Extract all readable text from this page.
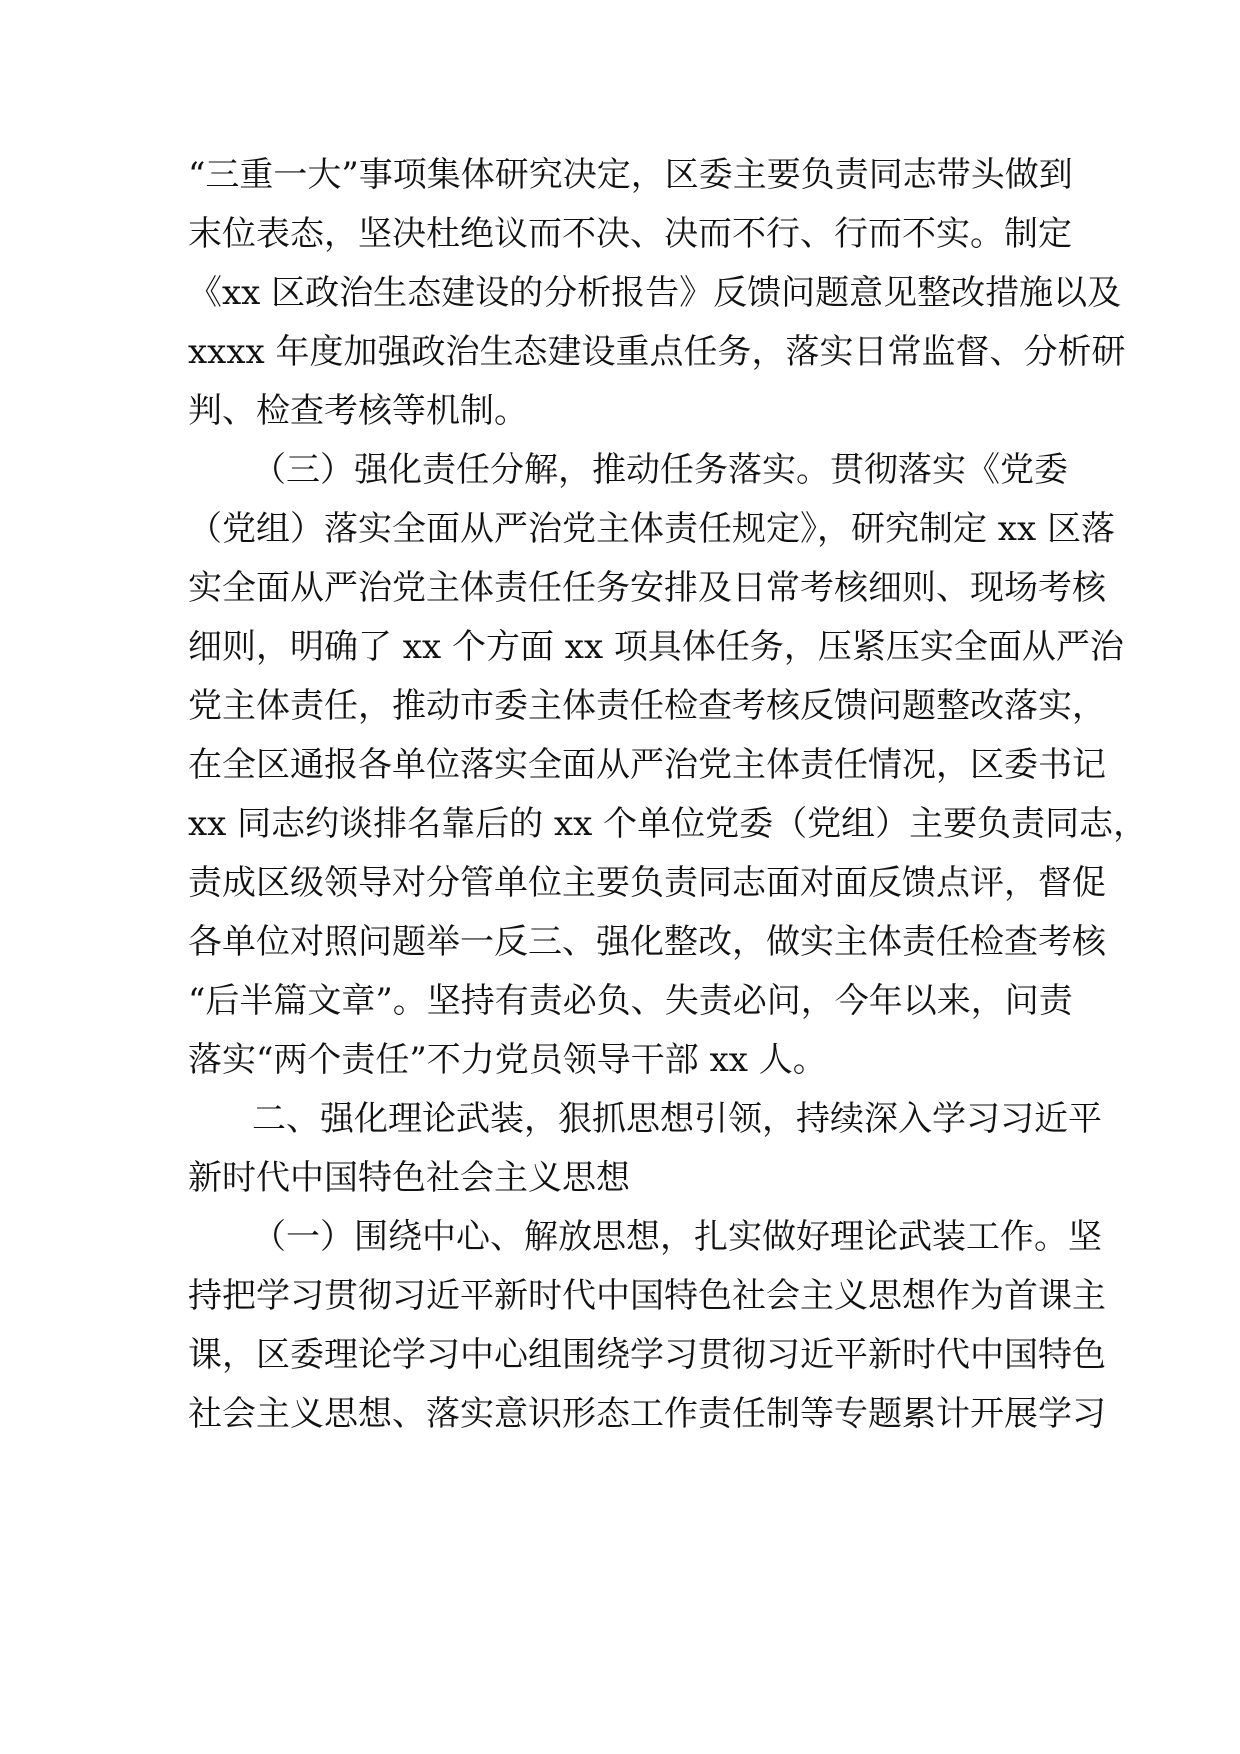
“三重一大”事项集体研究决定，区委主要负责同志带头做到
末位表态，坚决杜绝议而不决、决而不行、行而不实。制定
《xx 区政治生态建设的分析报告》反馈问题意见整改措施以及
xxxx 年度加强政治生态建设重点任务，落实日常监督、分析研
判、检查考核等机制。
（三）强化责任分解，推动任务落实。贯彻落实《党委
（党组）落实全面从严治党主体责任规定》，研究制定 xx 区落
实全面从严治党主体责任任务安排及日常考核细则、现场考核
细则，明确了 xx 个方面 xx 项具体任务，压紧压实全面从严治
党主体责任，推动市委主体责任检查考核反馈问题整改落实，
在全区通报各单位落实全面从严治党主体责任情况，区委书记
xx 同志约谈排名靠后的 xx 个单位党委（党组）主要负责同志，
责成区级领导对分管单位主要负责同志面对面反馈点评，督促
各单位对照问题举一反三、强化整改，做实主体责任检查考核
“后半篇文章”。坚持有责必负、失责必问，今年以来，问责
落实“两个责任”不力党员领导干部 xx 人。
二、强化理论武装，狠抓思想引领，持续深入学习习近平
新时代中国特色社会主义思想
（一）围绕中心、解放思想，扎实做好理论武装工作。坚
持把学习贯彻习近平新时代中国特色社会主义思想作为首课主
课，区委理论学习中心组围绕学习贯彻习近平新时代中国特色
社会主义思想、落实意识形态工作责任制等专题累计开展学习
